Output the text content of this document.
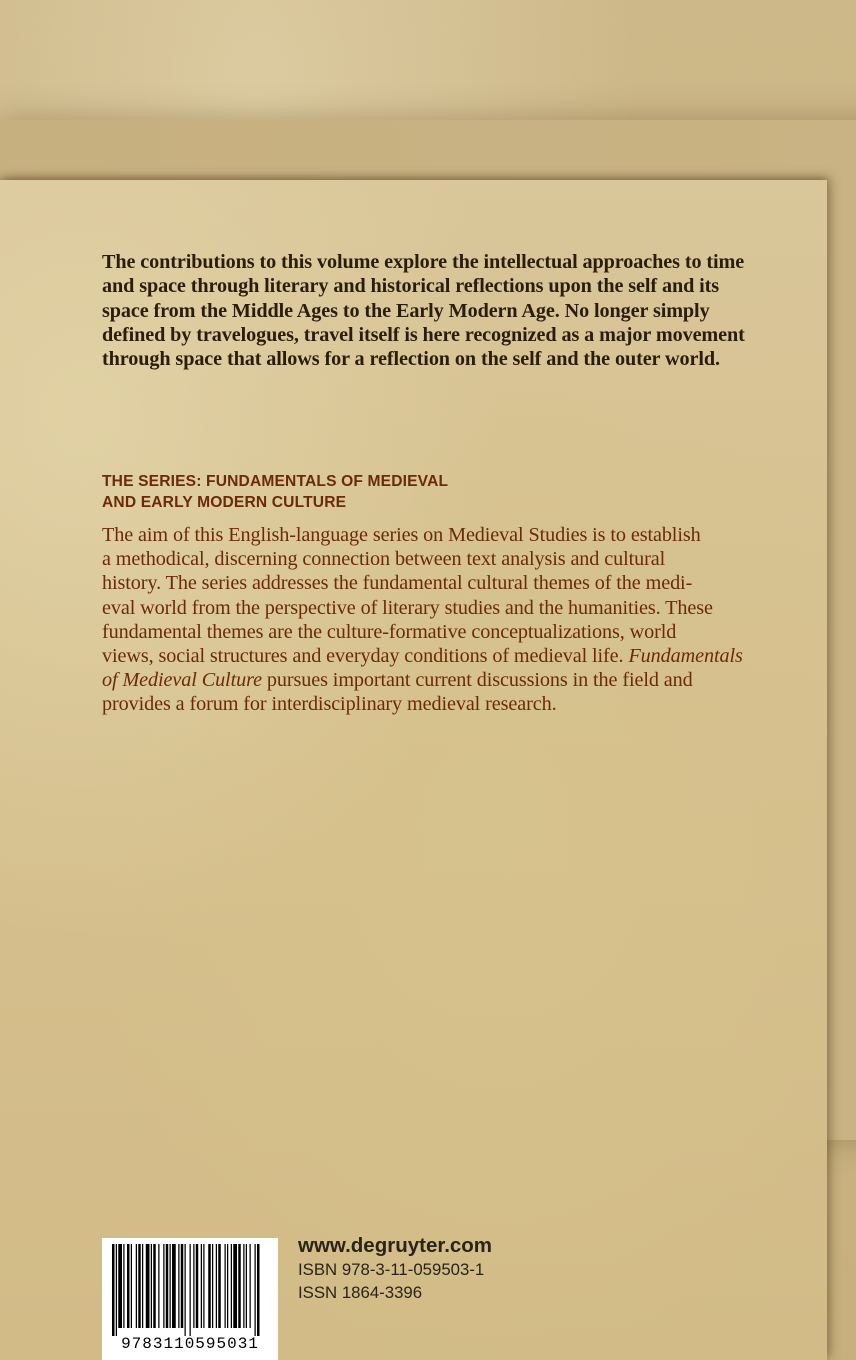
The contributions to this volume explore the intellectual approaches to time and space through literary and historical reflections upon the self and its space from the Middle Ages to the Early Modern Age. No longer simply defined by travelogues, travel itself is here recognized as a major movement through space that allows for a reflection on the self and the outer world.

THE SERIES: FUNDAMENTALS OF MEDIEVAL
AND EARLY MODERN CULTURE

The aim of this English-language series on Medieval Studies is to establish
a methodical, discerning connection between text analysis and cultural
history. The series addresses the fundamental cultural themes of the medi-
eval world from the perspective of literary studies and the humanities. These
fundamental themes are the culture-formative conceptualizations, world
views, social structures and everyday conditions of medieval life. Fundamentals
of Medieval Culture pursues important current discussions in the field and
provides a forum for interdisciplinary medieval research.

9783110595031
www.degruyter.com
ISBN 978-3-11-059503-1
ISSN 1864-3396
